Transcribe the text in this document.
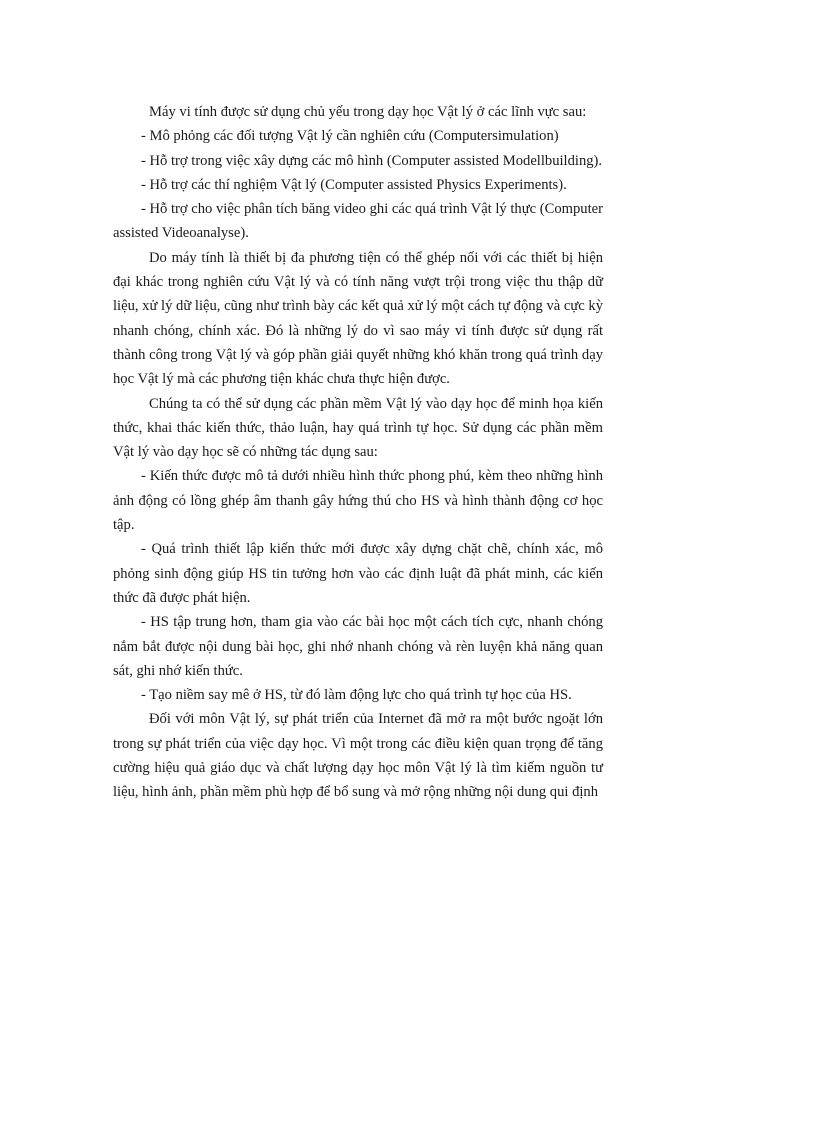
Máy vi tính được sử dụng chủ yếu trong dạy học Vật lý ở các lĩnh vực sau:

- Mô phỏng các đối tượng Vật lý cần nghiên cứu (Computersimulation)

- Hỗ trợ trong việc xây dựng các mô hình (Computer assisted Modellbuilding).

- Hỗ trợ các thí nghiệm Vật lý (Computer assisted Physics Experiments).

- Hỗ trợ cho việc phân tích băng video ghi các quá trình Vật lý thực (Computer assisted Videoanalyse).

Do máy tính là thiết bị đa phương tiện có thể ghép nối với các thiết bị hiện đại khác trong nghiên cứu Vật lý và có tính năng vượt trội trong việc thu thập dữ liệu, xử lý dữ liệu, cũng như trình bày các kết quả xử lý một cách tự động và cực kỳ nhanh chóng, chính xác. Đó là những lý do vì sao máy vi tính được sử dụng rất thành công trong Vật lý và góp phần giải quyết những khó khăn trong quá trình dạy học Vật lý mà các phương tiện khác chưa thực hiện được.

Chúng ta có thể sử dụng các phần mềm Vật lý vào dạy học để minh họa kiến thức, khai thác kiến thức, thảo luận, hay quá trình tự học. Sử dụng các phần mềm Vật lý vào dạy học sẽ có những tác dụng sau:

- Kiến thức được mô tả dưới nhiều hình thức phong phú, kèm theo những hình ảnh động có lồng ghép âm thanh gây hứng thú cho HS và hình thành động cơ học tập.

- Quá trình thiết lập kiến thức mới được xây dựng chặt chẽ, chính xác, mô phỏng sinh động giúp HS tin tưởng hơn vào các định luật đã phát minh, các kiến thức đã được phát hiện.

- HS tập trung hơn, tham gia vào các bài học một cách tích cực, nhanh chóng nắm bắt được nội dung bài học, ghi nhớ nhanh chóng và rèn luyện khả năng quan sát, ghi nhớ kiến thức.

- Tạo niềm say mê ở HS, từ đó làm động lực cho quá trình tự học của HS.

Đối với môn Vật lý, sự phát triển của Internet đã mở ra một bước ngoặt lớn trong sự phát triển của việc dạy học. Vì một trong các điều kiện quan trọng để tăng cường hiệu quả giáo dục và chất lượng dạy học môn Vật lý là tìm kiếm nguồn tư liệu, hình ảnh, phần mềm phù hợp để bổ sung và mở rộng những nội dung qui định
